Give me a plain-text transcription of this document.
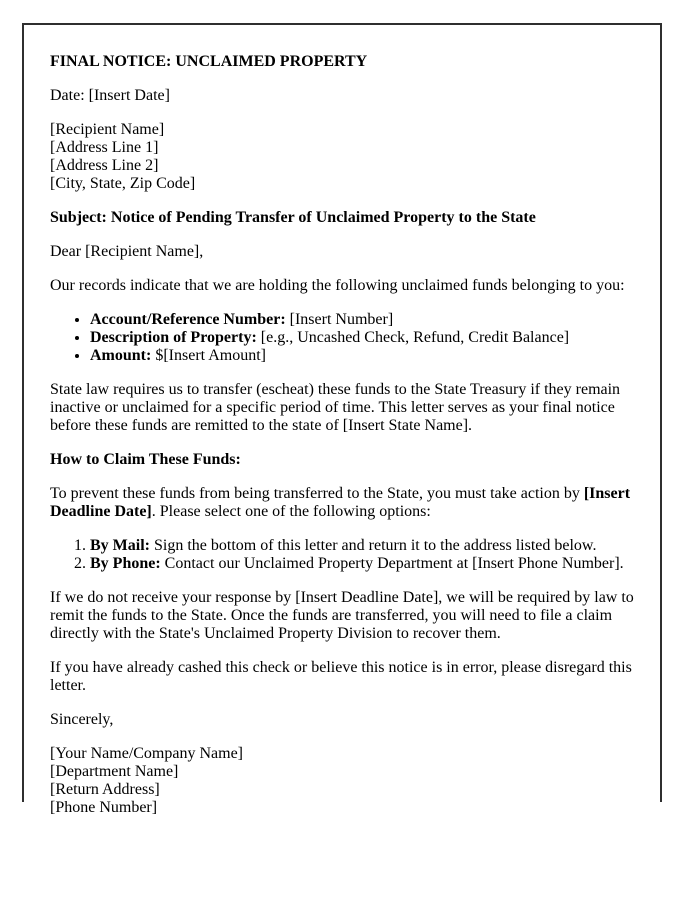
FINAL NOTICE: UNCLAIMED PROPERTY

Date: [Insert Date]

[Recipient Name]
[Address Line 1]
[Address Line 2]
[City, State, Zip Code]

Subject: Notice of Pending Transfer of Unclaimed Property to the State

Dear [Recipient Name],

Our records indicate that we are holding the following unclaimed funds belonging to you:

• Account/Reference Number: [Insert Number]
• Description of Property: [e.g., Uncashed Check, Refund, Credit Balance]
• Amount: $[Insert Amount]

State law requires us to transfer (escheat) these funds to the State Treasury if they remain inactive or unclaimed for a specific period of time. This letter serves as your final notice before these funds are remitted to the state of [Insert State Name].

How to Claim These Funds:

To prevent these funds from being transferred to the State, you must take action by [Insert Deadline Date]. Please select one of the following options:

1. By Mail: Sign the bottom of this letter and return it to the address listed below.
2. By Phone: Contact our Unclaimed Property Department at [Insert Phone Number].

If we do not receive your response by [Insert Deadline Date], we will be required by law to remit the funds to the State. Once the funds are transferred, you will need to file a claim directly with the State's Unclaimed Property Division to recover them.

If you have already cashed this check or believe this notice is in error, please disregard this letter.

Sincerely,

[Your Name/Company Name]
[Department Name]
[Return Address]
[Phone Number]
